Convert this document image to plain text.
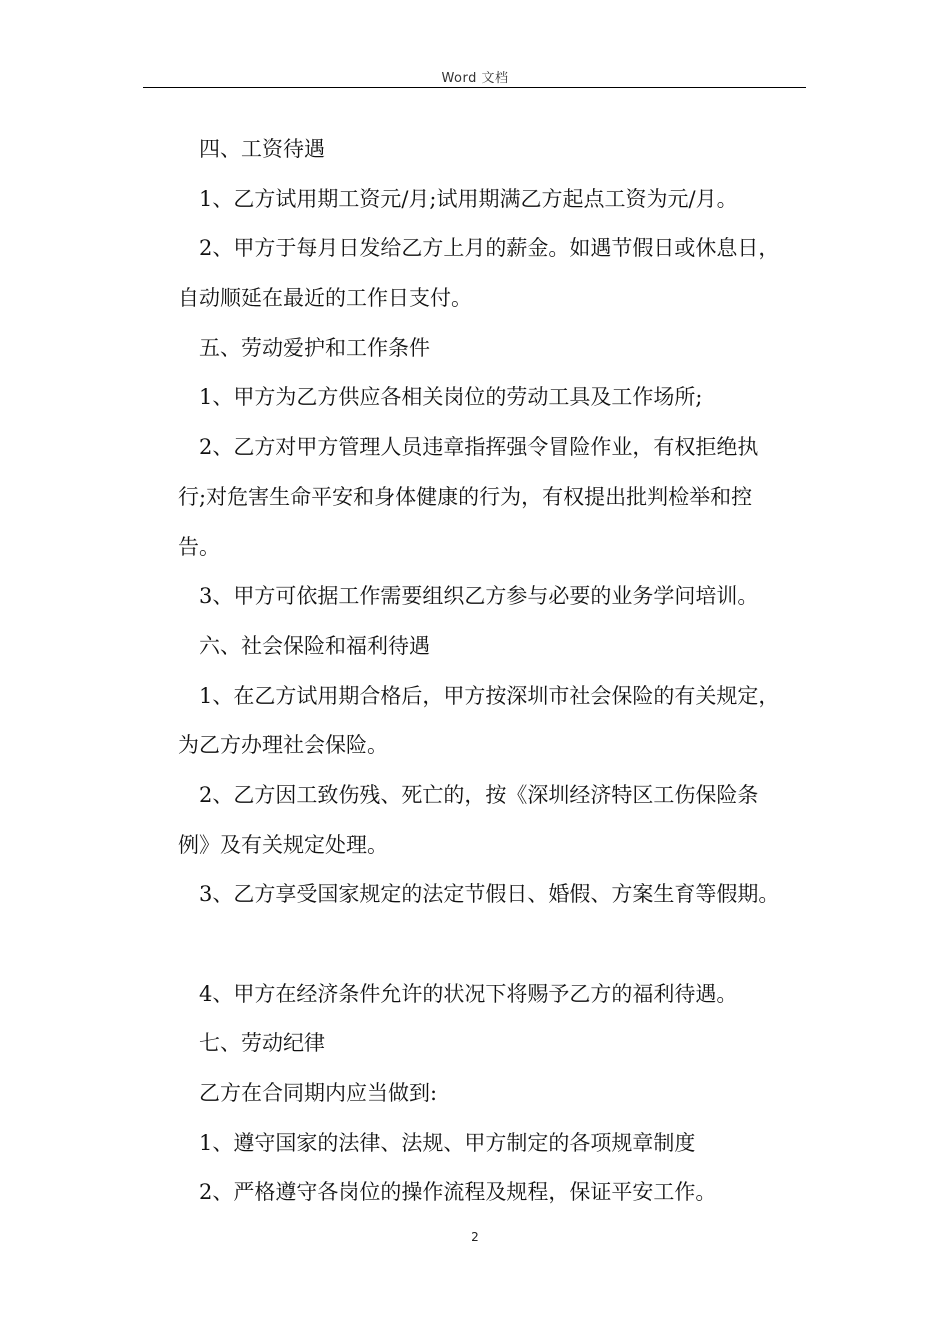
Word 文档
四、工资待遇
1、乙方试用期工资元/月;试用期满乙方起点工资为元/月。
2、甲方于每月日发给乙方上月的薪金。如遇节假日或休息日，
自动顺延在最近的工作日支付。
五、劳动爱护和工作条件
1、甲方为乙方供应各相关岗位的劳动工具及工作场所;
2、乙方对甲方管理人员违章指挥强令冒险作业，有权拒绝执
行;对危害生命平安和身体健康的行为，有权提出批判检举和控
告。
3、甲方可依据工作需要组织乙方参与必要的业务学问培训。
六、社会保险和福利待遇
1、在乙方试用期合格后，甲方按深圳市社会保险的有关规定，
为乙方办理社会保险。
2、乙方因工致伤残、死亡的，按《深圳经济特区工伤保险条
例》及有关规定处理。
3、乙方享受国家规定的法定节假日、婚假、方案生育等假期。
4、甲方在经济条件允许的状况下将赐予乙方的福利待遇。
七、劳动纪律
乙方在合同期内应当做到:
1、遵守国家的法律、法规、甲方制定的各项规章制度
2、严格遵守各岗位的操作流程及规程，保证平安工作。
2
